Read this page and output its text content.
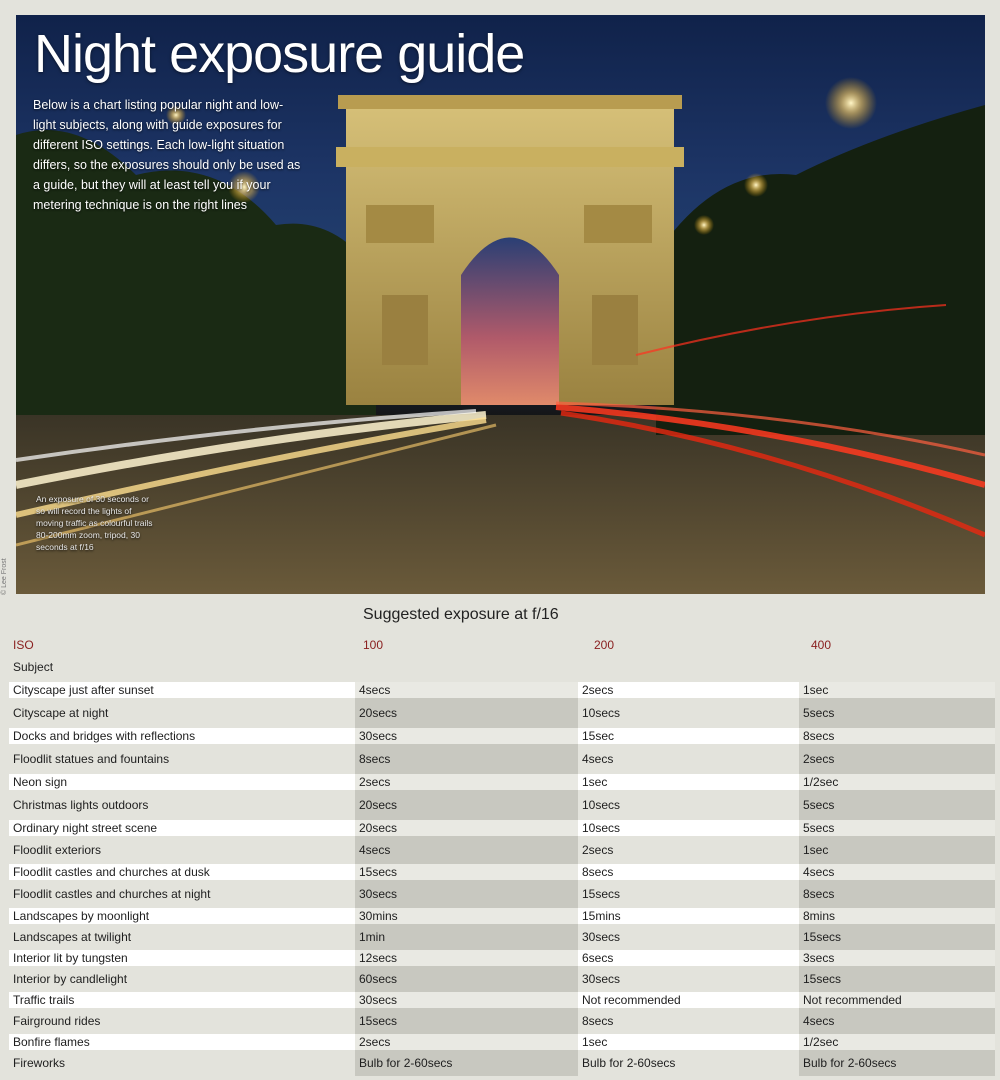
Night exposure guide

Below is a chart listing popular night and low-light subjects, along with guide exposures for different ISO settings. Each low-light situation differs, so the exposures should only be used as a guide, but they will at least tell you if your metering technique is on the right lines

An exposure of 30 seconds or so will record the lights of moving traffic as colourful trails 80-200mm zoom, tripod, 30 seconds at f/16

© Lee Frost
Suggested exposure at f/16
ISO	100	200	400
Subject
Cityscape just after sunset	4secs	2secs	1sec
Cityscape at night	20secs	10secs	5secs
Docks and bridges with reflections	30secs	15sec	8secs
Floodlit statues and fountains	8secs	4secs	2secs
Neon sign	2secs	1sec	1/2sec
Christmas lights outdoors	20secs	10secs	5secs
Ordinary night street scene	20secs	10secs	5secs
Floodlit exteriors	4secs	2secs	1sec
Floodlit castles and churches at dusk	15secs	8secs	4secs
Floodlit castles and churches at night	30secs	15secs	8secs
Landscapes by moonlight	30mins	15mins	8mins
Landscapes at twilight	1min	30secs	15secs
Interior lit by tungsten	12secs	6secs	3secs
Interior by candlelight	60secs	30secs	15secs
Traffic trails	30secs	Not recommended	Not recommended
Fairground rides	15secs	8secs	4secs
Bonfire flames	2secs	1sec	1/2sec
Fireworks	Bulb for 2-60secs	Bulb for 2-60secs	Bulb for 2-60secs
